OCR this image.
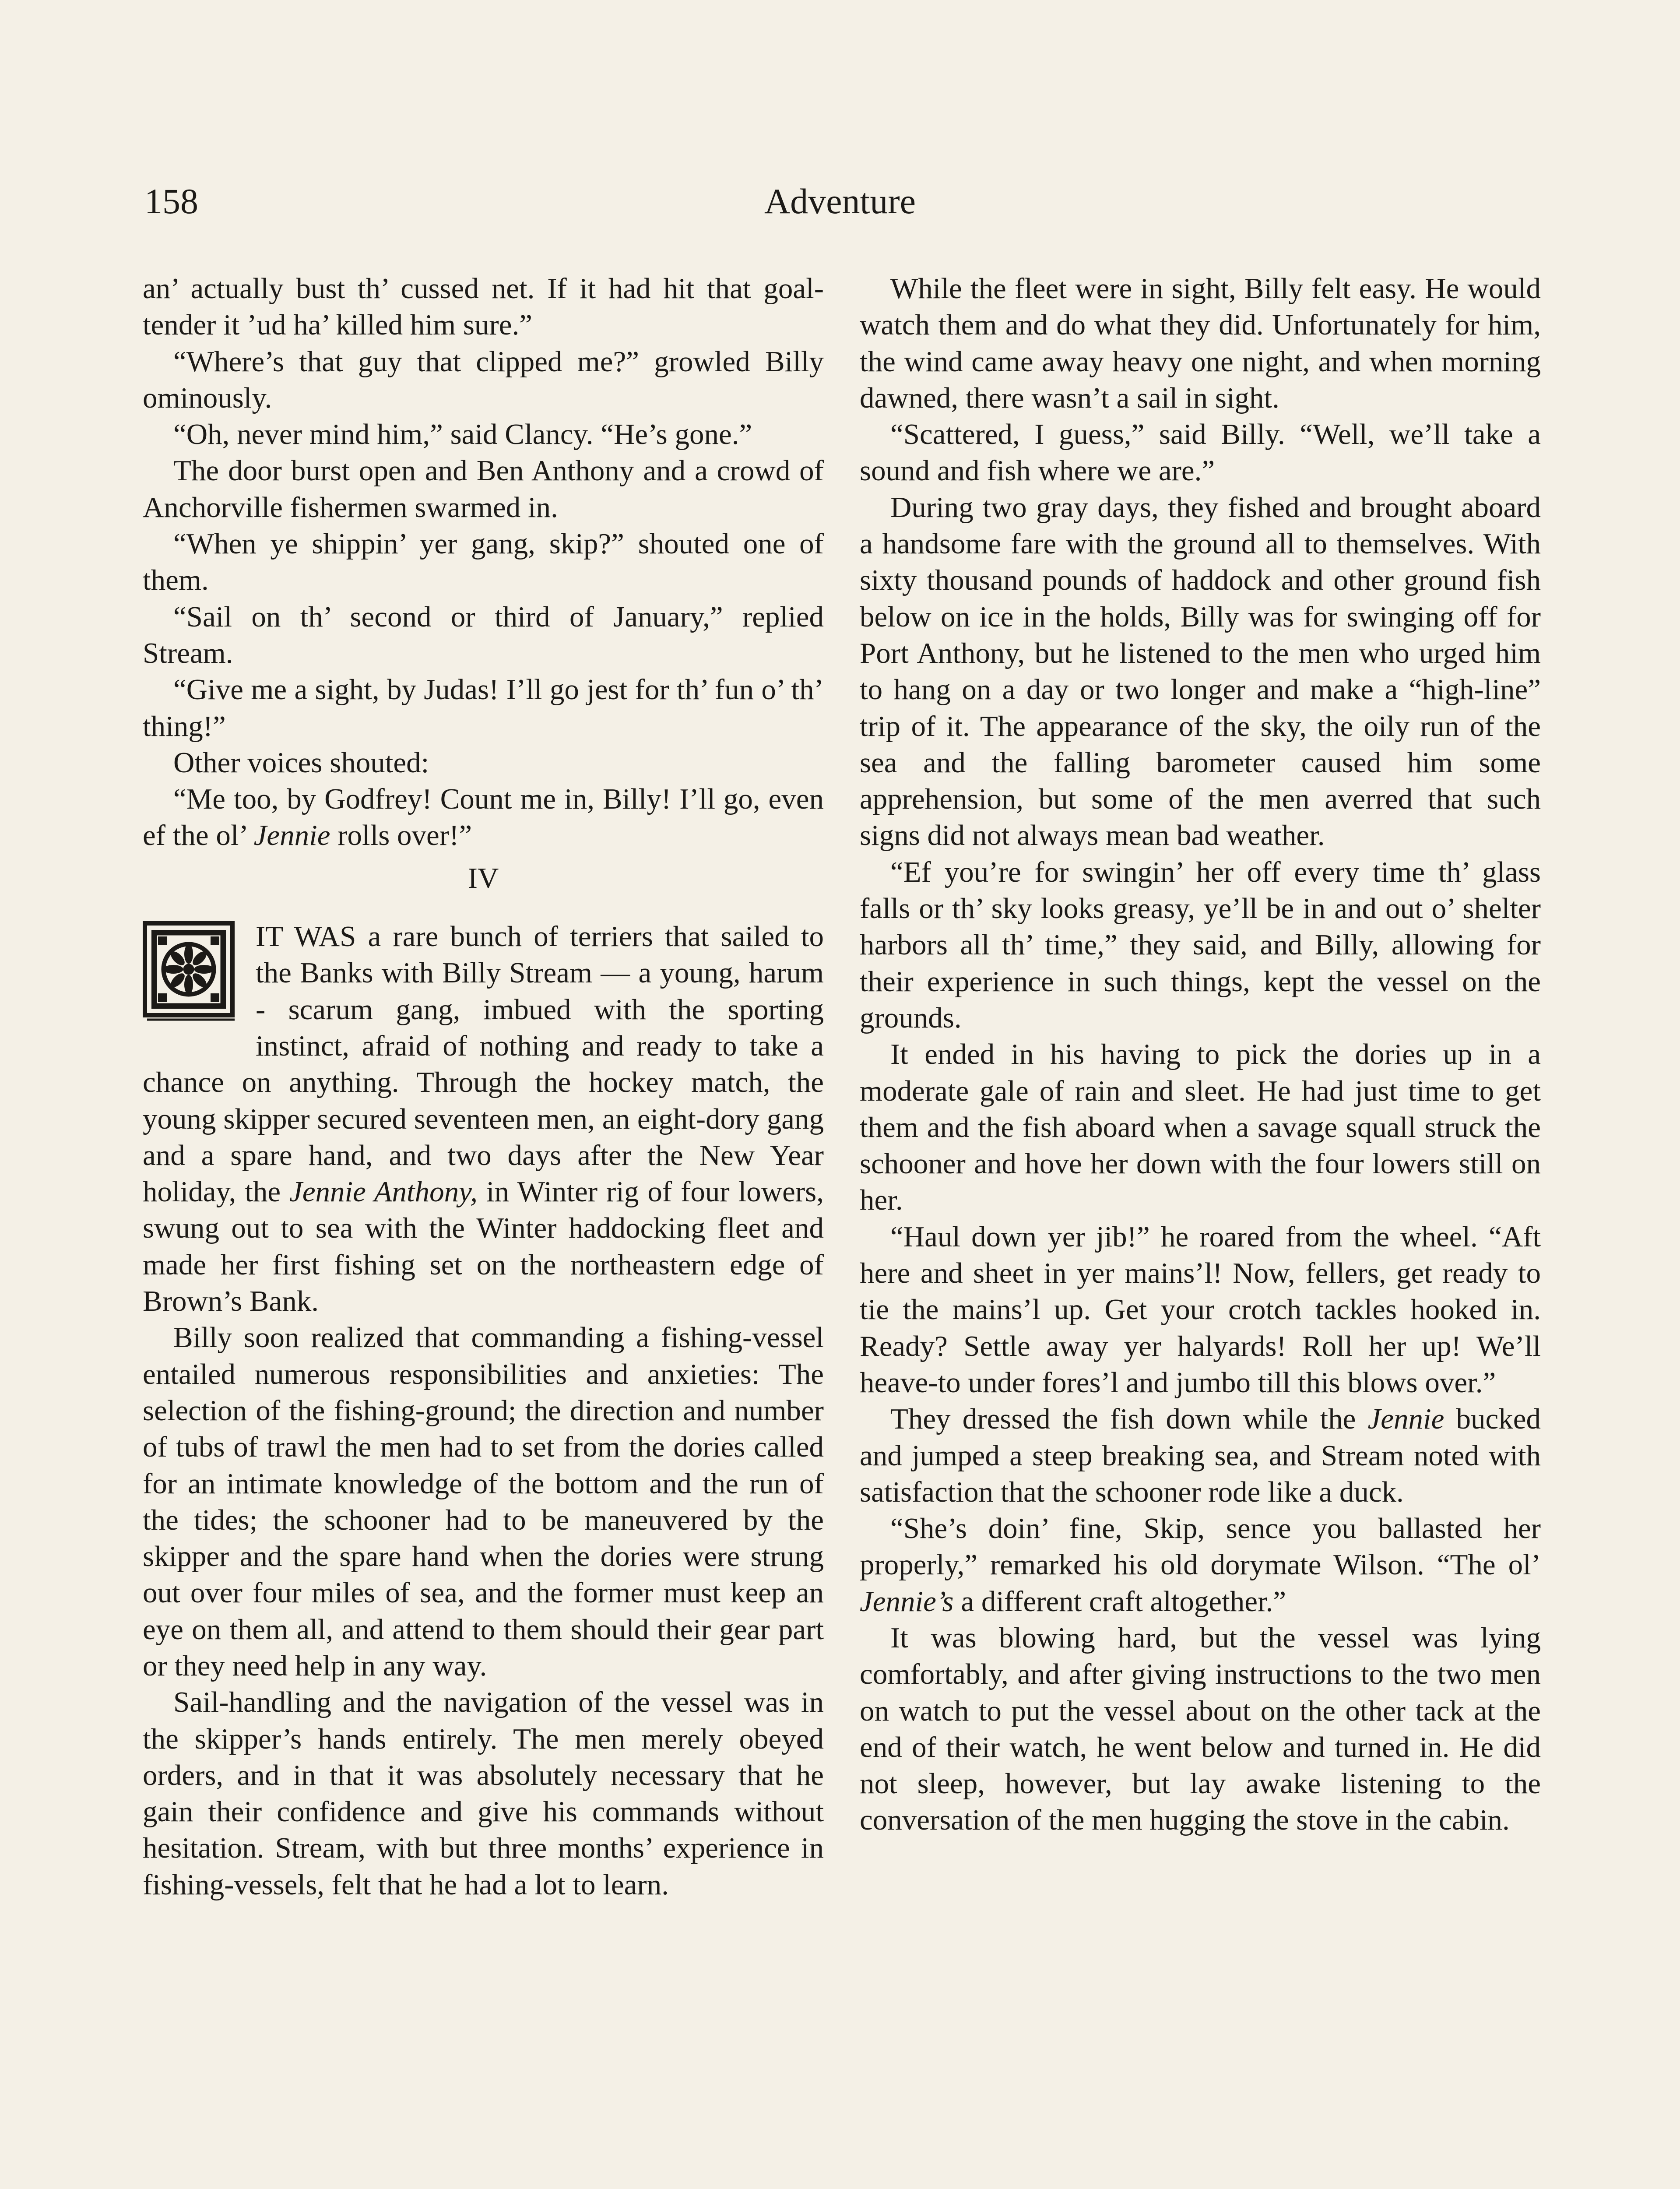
158	Adventure

an’ actually bust th’ cussed net. If it had hit that goal-tender it ’ud ha’ killed him sure.”

“Where’s that guy that clipped me?” growled Billy ominously.

“Oh, never mind him,” said Clancy. “He’s gone.”

The door burst open and Ben Anthony and a crowd of Anchorville fishermen swarmed in.

“When ye shippin’ yer gang, skip?” shouted one of them.

“Sail on th’ second or third of January,” replied Stream.

“Give me a sight, by Judas! I’ll go jest for th’ fun o’ th’ thing!”

Other voices shouted:

“Me too, by Godfrey! Count me in, Billy! I’ll go, even ef the ol’ Jennie rolls over!”

IV

IT WAS a rare bunch of terriers that sailed to the Banks with Billy Stream — a young, harum - scarum gang, imbued with the sporting instinct, afraid of nothing and ready to take a chance on anything. Through the hockey match, the young skipper secured seventeen men, an eight-dory gang and a spare hand, and two days after the New Year holiday, the Jennie Anthony, in Winter rig of four lowers, swung out to sea with the Winter haddocking fleet and made her first fishing set on the northeastern edge of Brown’s Bank.

Billy soon realized that commanding a fishing-vessel entailed numerous responsibilities and anxieties: The selection of the fishing-ground; the direction and number of tubs of trawl the men had to set from the dories called for an intimate knowledge of the bottom and the run of the tides; the schooner had to be maneuvered by the skipper and the spare hand when the dories were strung out over four miles of sea, and the former must keep an eye on them all, and attend to them should their gear part or they need help in any way.

Sail-handling and the navigation of the vessel was in the skipper’s hands entirely. The men merely obeyed orders, and in that it was absolutely necessary that he gain their confidence and give his commands without hesitation. Stream, with but three months’ experience in fishing-vessels, felt that he had a lot to learn.

While the fleet were in sight, Billy felt easy. He would watch them and do what they did. Unfortunately for him, the wind came away heavy one night, and when morning dawned, there wasn’t a sail in sight.

“Scattered, I guess,” said Billy. “Well, we’ll take a sound and fish where we are.”

During two gray days, they fished and brought aboard a handsome fare with the ground all to themselves. With sixty thousand pounds of haddock and other ground fish below on ice in the holds, Billy was for swinging off for Port Anthony, but he listened to the men who urged him to hang on a day or two longer and make a “high-line” trip of it. The appearance of the sky, the oily run of the sea and the falling barometer caused him some apprehension, but some of the men averred that such signs did not always mean bad weather.

“Ef you’re for swingin’ her off every time th’ glass falls or th’ sky looks greasy, ye’ll be in and out o’ shelter harbors all th’ time,” they said, and Billy, allowing for their experience in such things, kept the vessel on the grounds.

It ended in his having to pick the dories up in a moderate gale of rain and sleet. He had just time to get them and the fish aboard when a savage squall struck the schooner and hove her down with the four lowers still on her.

“Haul down yer jib!” he roared from the wheel. “Aft here and sheet in yer mains’l! Now, fellers, get ready to tie the mains’l up. Get your crotch tackles hooked in. Ready? Settle away yer halyards! Roll her up! We’ll heave-to under fores’l and jumbo till this blows over.”

They dressed the fish down while the Jennie bucked and jumped a steep breaking sea, and Stream noted with satisfaction that the schooner rode like a duck.

“She’s doin’ fine, Skip, sence you ballasted her properly,” remarked his old dorymate Wilson. “The ol’ Jennie’s a different craft altogether.”

It was blowing hard, but the vessel was lying comfortably, and after giving instructions to the two men on watch to put the vessel about on the other tack at the end of their watch, he went below and turned in. He did not sleep, however, but lay awake listening to the conversation of the men hugging the stove in the cabin.
